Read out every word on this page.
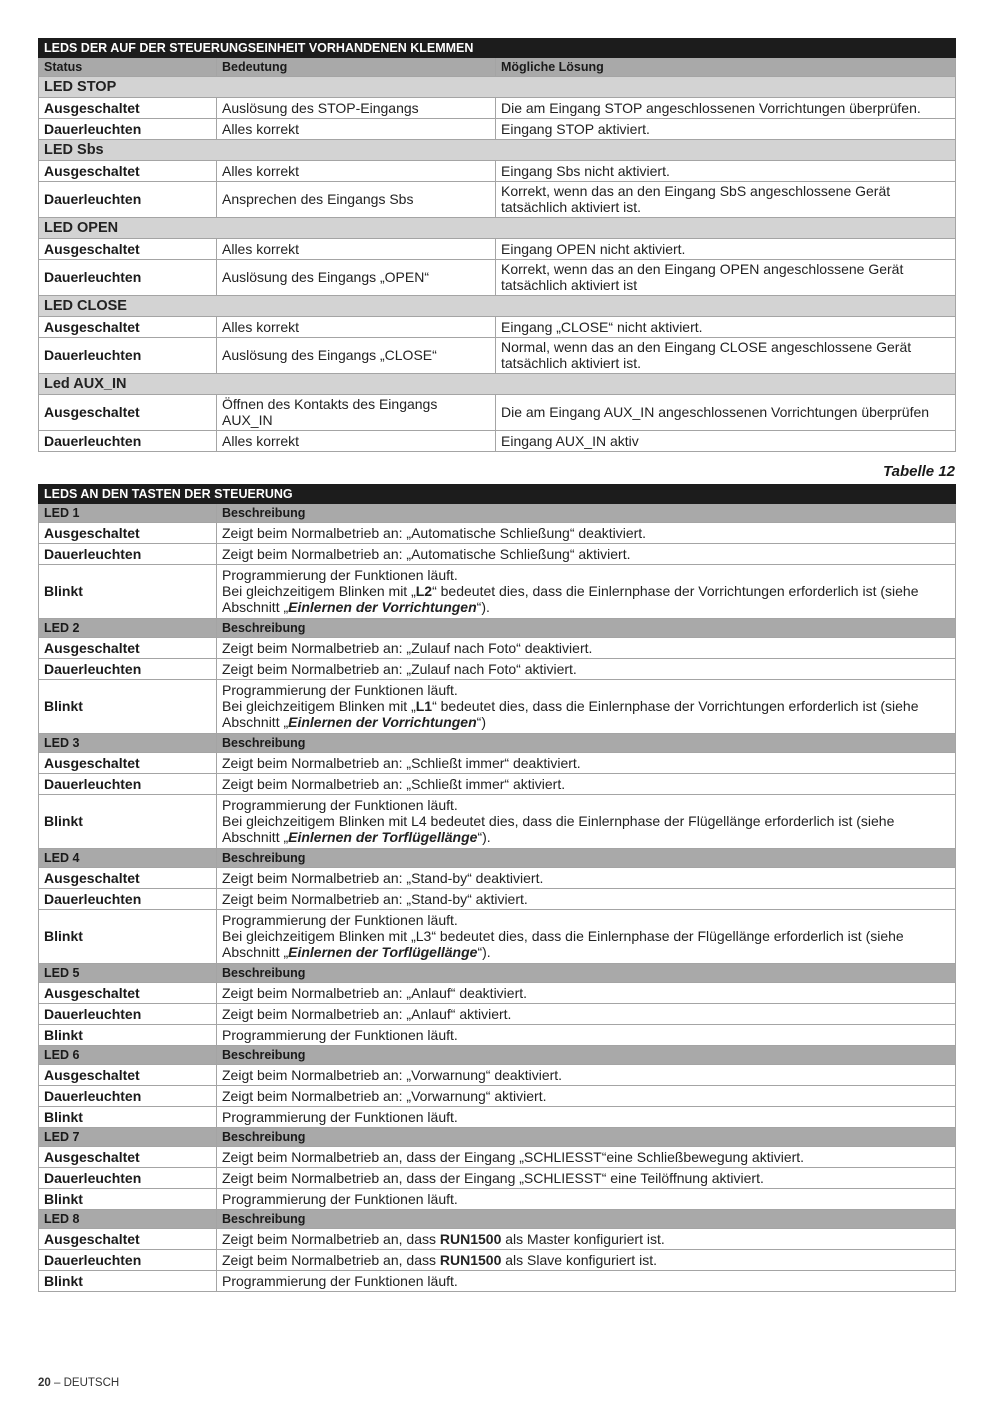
LEDS DER AUF DER STEUERUNGSEINHEIT VORHANDENEN KLEMMEN		
Status	Bedeutung	Mögliche Lösung
LED STOP		
Ausgeschaltet	Auslösung des STOP-Eingangs	Die am Eingang STOP angeschlossenen Vorrichtungen überprüfen.
Dauerleuchten	Alles korrekt	Eingang STOP aktiviert.
LED Sbs		
Ausgeschaltet	Alles korrekt	Eingang Sbs nicht aktiviert.
Dauerleuchten	Ansprechen des Eingangs Sbs	Korrekt, wenn das an den Eingang SbS angeschlossene Gerät tatsächlich aktiviert ist.
LED OPEN		
Ausgeschaltet	Alles korrekt	Eingang OPEN nicht aktiviert.
Dauerleuchten	Auslösung des Eingangs „OPEN“	Korrekt, wenn das an den Eingang OPEN angeschlossene Gerät tatsächlich aktiviert ist
LED CLOSE		
Ausgeschaltet	Alles korrekt	Eingang „CLOSE“ nicht aktiviert.
Dauerleuchten	Auslösung des Eingangs „CLOSE“	Normal, wenn das an den Eingang CLOSE angeschlossene Gerät tatsächlich aktiviert ist.
Led AUX_IN		
Ausgeschaltet	Öffnen des Kontakts des Eingangs AUX_IN	Die am Eingang AUX_IN angeschlossenen Vorrichtungen überprüfen
Dauerleuchten	Alles korrekt	Eingang AUX_IN aktiv
Tabelle 12
LEDS AN DEN TASTEN DER STEUERUNG	
LED 1	Beschreibung
Ausgeschaltet	Zeigt beim Normalbetrieb an: „Automatische Schließung“ deaktiviert.
Dauerleuchten	Zeigt beim Normalbetrieb an: „Automatische Schließung“ aktiviert.
Blinkt	Programmierung der Funktionen läuft.
Bei gleichzeitigem Blinken mit „L2“ bedeutet dies, dass die Einlernphase der Vorrichtungen erforderlich ist (siehe
Abschnitt „Einlernen der Vorrichtungen“).

LED 2	Beschreibung
Ausgeschaltet	Zeigt beim Normalbetrieb an: „Zulauf nach Foto“ deaktiviert.
Dauerleuchten	Zeigt beim Normalbetrieb an: „Zulauf nach Foto“ aktiviert.
Blinkt	Programmierung der Funktionen läuft.
Bei gleichzeitigem Blinken mit „L1“ bedeutet dies, dass die Einlernphase der Vorrichtungen erforderlich ist (siehe
Abschnitt „Einlernen der Vorrichtungen“)

LED 3	Beschreibung
Ausgeschaltet	Zeigt beim Normalbetrieb an: „Schließt immer“ deaktiviert.
Dauerleuchten	Zeigt beim Normalbetrieb an: „Schließt immer“ aktiviert.
Blinkt	Programmierung der Funktionen läuft.
Bei gleichzeitigem Blinken mit L4 bedeutet dies, dass die Einlernphase der Flügellänge erforderlich ist (siehe
Abschnitt „Einlernen der Torflügellänge“).

LED 4	Beschreibung
Ausgeschaltet	Zeigt beim Normalbetrieb an: „Stand-by“ deaktiviert.
Dauerleuchten	Zeigt beim Normalbetrieb an: „Stand-by“ aktiviert.
Blinkt	Programmierung der Funktionen läuft.
Bei gleichzeitigem Blinken mit „L3“ bedeutet dies, dass die Einlernphase der Flügellänge erforderlich ist (siehe
Abschnitt „Einlernen der Torflügellänge“).

LED 5	Beschreibung
Ausgeschaltet	Zeigt beim Normalbetrieb an: „Anlauf“ deaktiviert.
Dauerleuchten	Zeigt beim Normalbetrieb an: „Anlauf“ aktiviert.
Blinkt	Programmierung der Funktionen läuft.

LED 6	Beschreibung
Ausgeschaltet	Zeigt beim Normalbetrieb an: „Vorwarnung“ deaktiviert.
Dauerleuchten	Zeigt beim Normalbetrieb an: „Vorwarnung“ aktiviert.
Blinkt	Programmierung der Funktionen läuft.

LED 7	Beschreibung
Ausgeschaltet	Zeigt beim Normalbetrieb an, dass der Eingang „SCHLIESST“eine Schließbewegung aktiviert.
Dauerleuchten	Zeigt beim Normalbetrieb an, dass der Eingang „SCHLIESST“ eine Teilöffnung aktiviert.
Blinkt	Programmierung der Funktionen läuft.

LED 8	Beschreibung
Ausgeschaltet	Zeigt beim Normalbetrieb an, dass RUN1500 als Master konfiguriert ist.
Dauerleuchten	Zeigt beim Normalbetrieb an, dass RUN1500 als Slave konfiguriert ist.
Blinkt	Programmierung der Funktionen läuft.
20 – DEUTSCH
